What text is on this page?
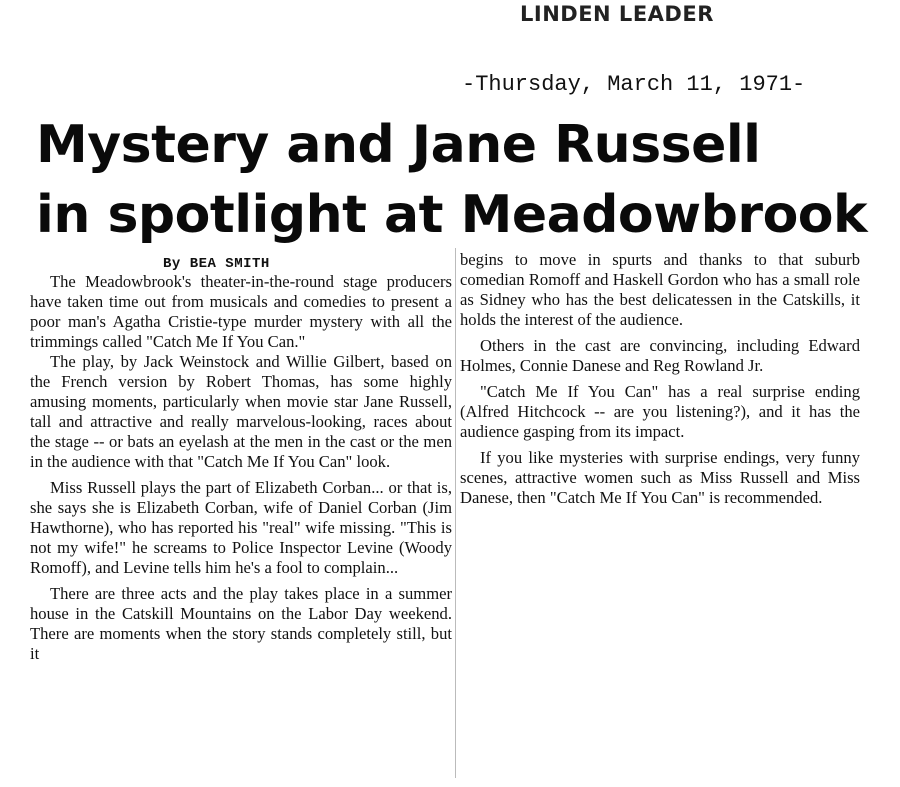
LINDEN LEADER
-Thursday, March 11, 1971-
Mystery and Jane Russell
in spotlight at Meadowbrook
By BEA SMITH

The Meadowbrook's theater-in-the-round stage producers have taken time out from musicals and comedies to present a poor man's Agatha Cristie-type murder mystery with all the trimmings called "Catch Me If You Can."

The play, by Jack Weinstock and Willie Gilbert, based on the French version by Robert Thomas, has some highly amusing moments, particularly when movie star Jane Russell, tall and attractive and really marvelous-looking, races about the stage -- or bats an eyelash at the men in the cast or the men in the audience with that "Catch Me If You Can" look.

Miss Russell plays the part of Elizabeth Corban... or that is, she says she is Elizabeth Corban, wife of Daniel Corban (Jim Hawthorne), who has reported his "real" wife missing. "This is not my wife!" he screams to Police Inspector Levine (Woody Romoff), and Levine tells him he's a fool to complain...

There are three acts and the play takes place in a summer house in the Catskill Mountains on the Labor Day weekend. There are moments when the story stands completely still, but it

begins to move in spurts and thanks to that suburb comedian Romoff and Haskell Gordon who has a small role as Sidney who has the best delicatessen in the Catskills, it holds the interest of the audience.

Others in the cast are convincing, including Edward Holmes, Connie Danese and Reg Rowland Jr.

"Catch Me If You Can" has a real surprise ending (Alfred Hitchcock -- are you listening?), and it has the audience gasping from its impact.

If you like mysteries with surprise endings, very funny scenes, attractive women such as Miss Russell and Miss Danese, then "Catch Me If You Can" is recommended.
